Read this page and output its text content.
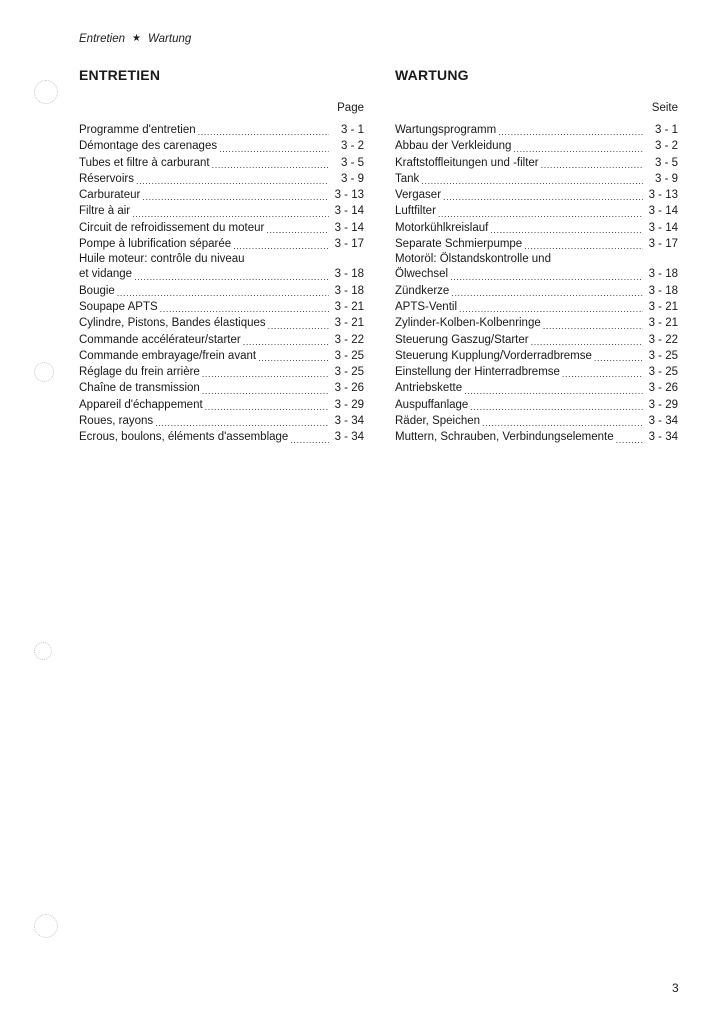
Entretien ★ Wartung
ENTRETIEN
Page
Programme d'entretien .....	3 - 1
Démontage des carenages .....	3 - 2
Tubes et filtre à carburant .....	3 - 5
Réservoirs .....	3 - 9
Carburateur .....	3 - 13
Filtre à air .....	3 - 14
Circuit de refroidissement du moteur .....	3 - 14
Pompe à lubrification séparée .....	3 - 17
Huile moteur: contrôle du niveau
et vidange .....	3 - 18
Bougie .....	3 - 18
Soupape APTS .....	3 - 21
Cylindre, Pistons, Bandes élastiques .....	3 - 21
Commande accélérateur/starter .....	3 - 22
Commande embrayage/frein avant .....	3 - 25
Réglage du frein arrière .....	3 - 25
Chaîne de transmission .....	3 - 26
Appareil d'échappement .....	3 - 29
Roues, rayons .....	3 - 34
Ecrous, boulons, éléments d'assemblage .....	3 - 34
WARTUNG
Seite
Wartungsprogramm .....	3 - 1
Abbau der Verkleidung .....	3 - 2
Kraftstoffleitungen und -filter .....	3 - 5
Tank .....	3 - 9
Vergaser .....	3 - 13
Luftfilter .....	3 - 14
Motorkühlkreislauf .....	3 - 14
Separate Schmierpumpe .....	3 - 17
Motoröl: Ölstandskontrolle und
Ölwechsel .....	3 - 18
Zündkerze .....	3 - 18
APTS-Ventil .....	3 - 21
Zylinder-Kolben-Kolbenringe .....	3 - 21
Steuerung Gaszug/Starter .....	3 - 22
Steuerung Kupplung/Vorderradbremse .....	3 - 25
Einstellung der Hinterradbremse .....	3 - 25
Antriebskette .....	3 - 26
Auspuffanlage .....	3 - 29
Räder, Speichen .....	3 - 34
Muttern, Schrauben, Verbindungselemente .....	3 - 34
3
